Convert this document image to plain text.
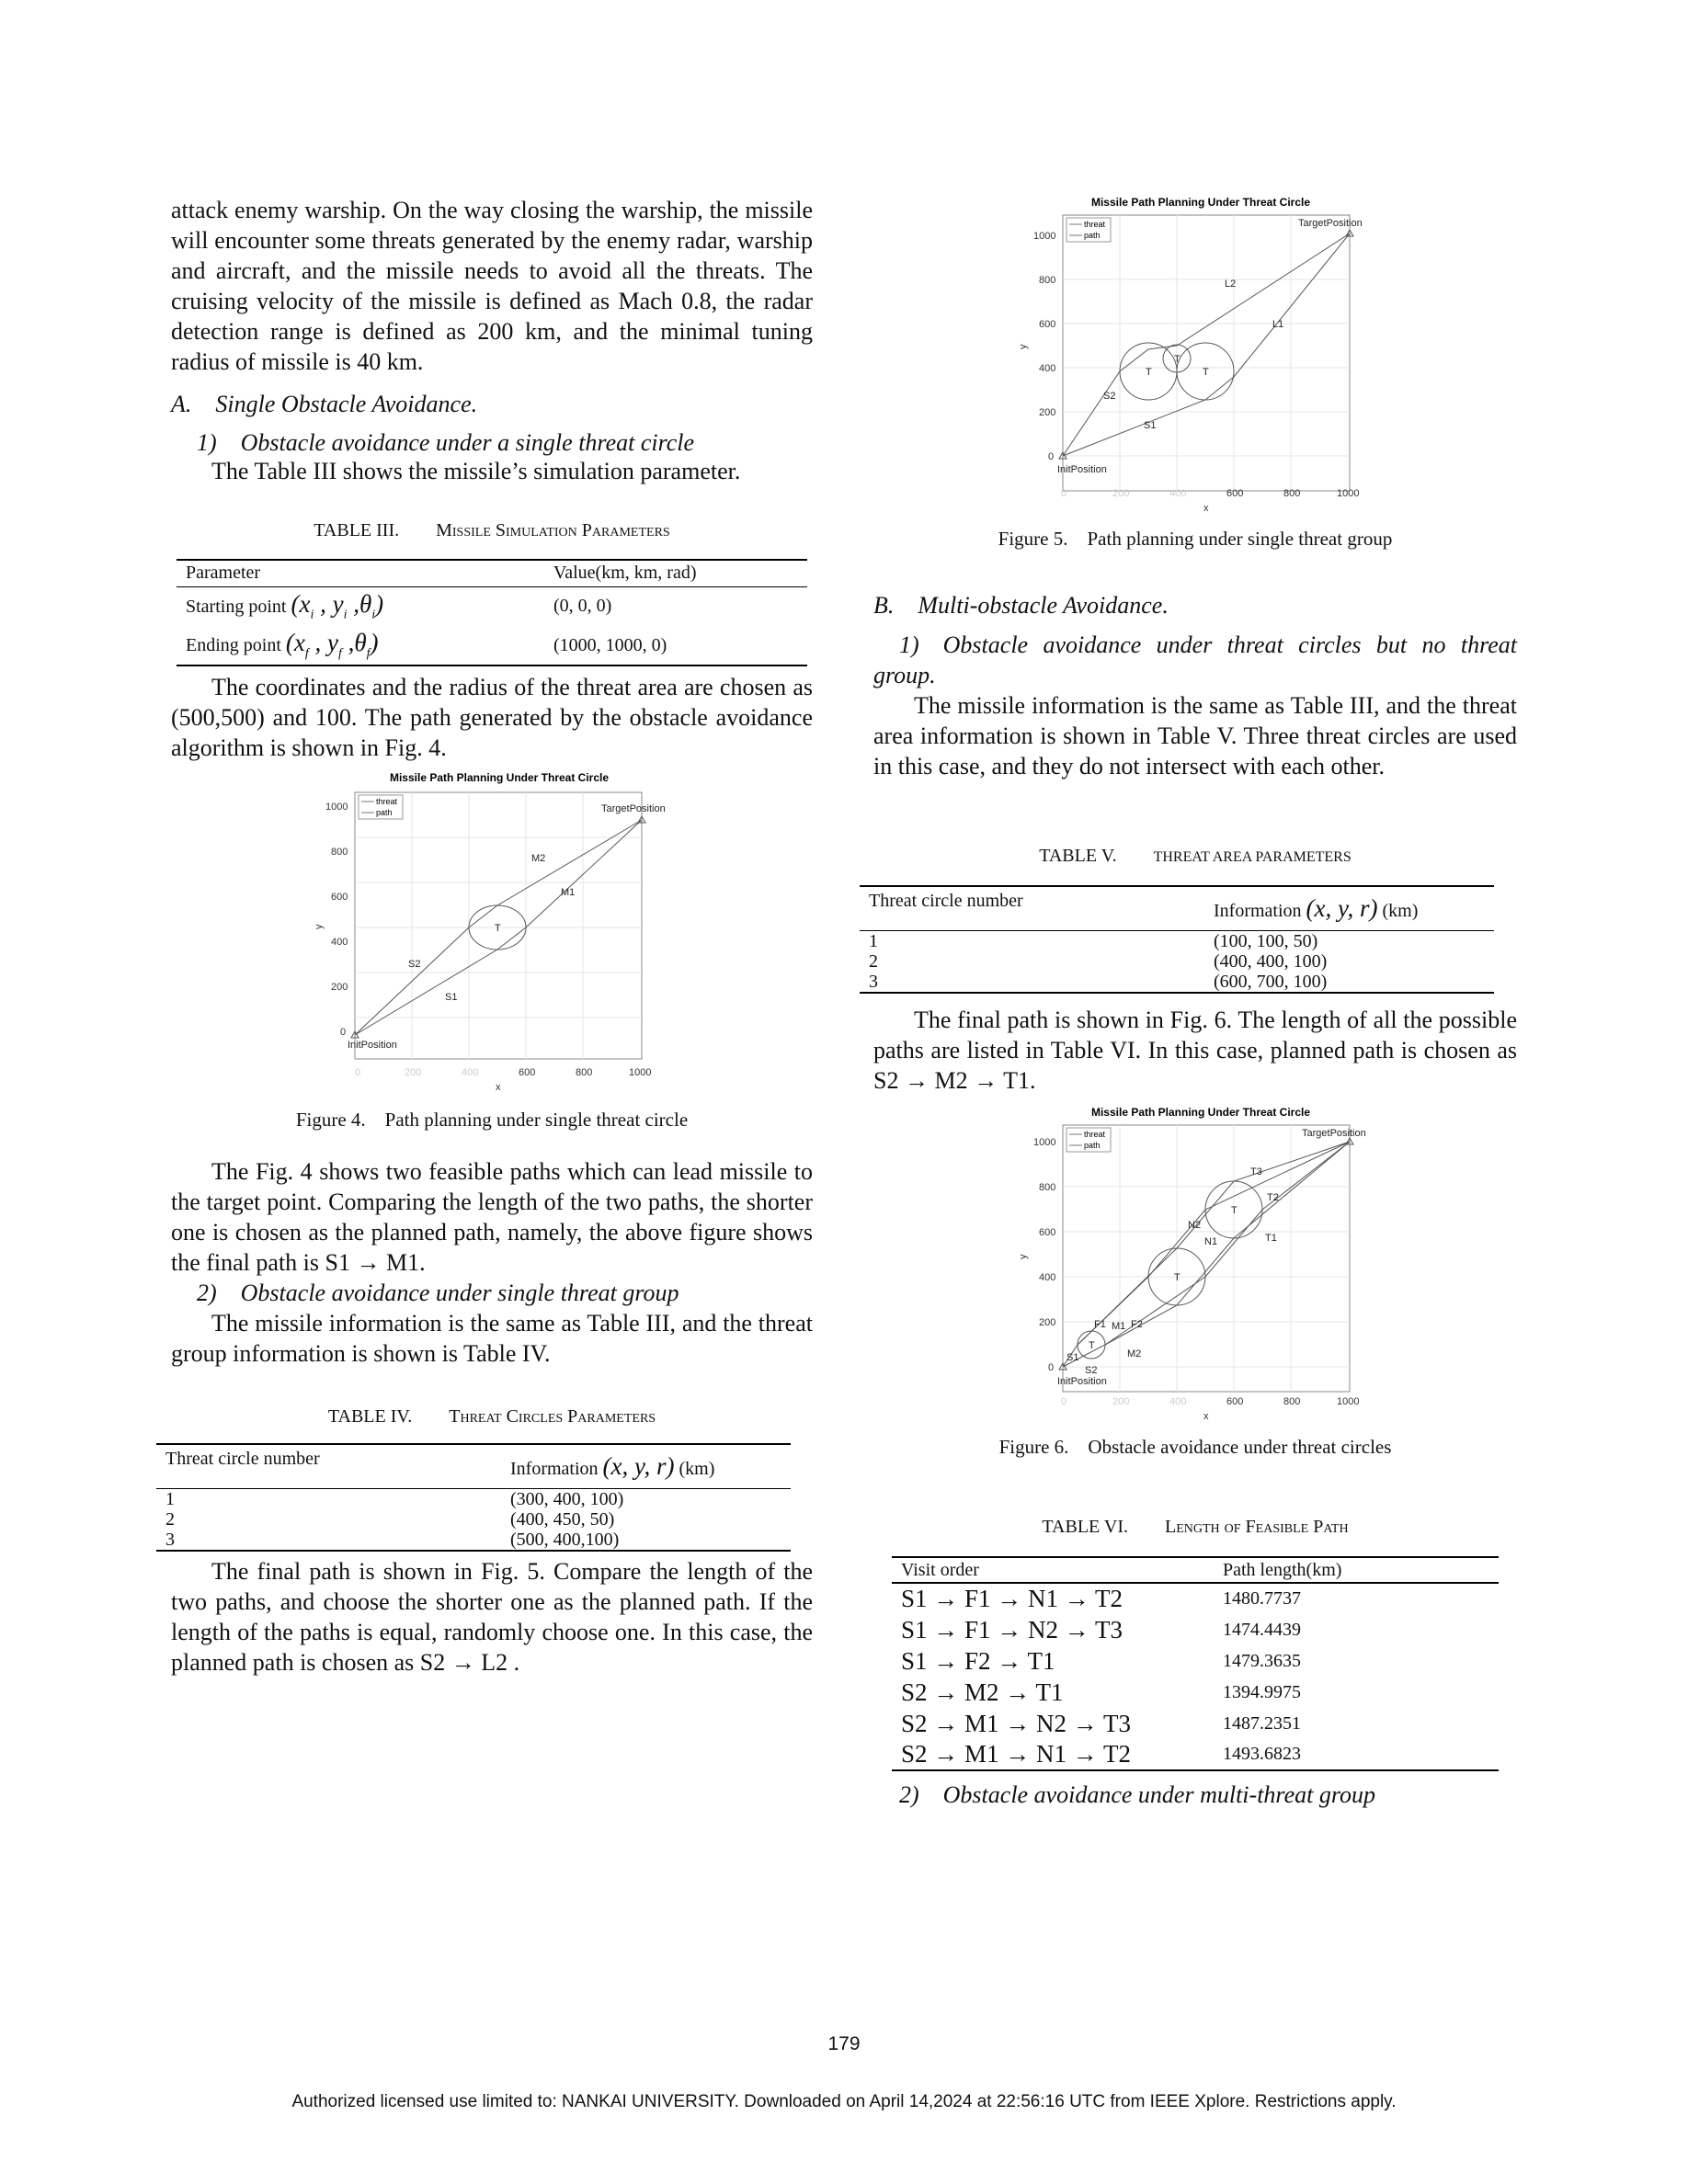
attack enemy warship. On the way closing the warship, the missile will encounter some threats generated by the enemy radar, warship and aircraft, and the missile needs to avoid all the threats. The cruising velocity of the missile is defined as Mach 0.8, the radar detection range is defined as 200 km, and the minimal tuning radius of missile is 40 km.

A. Single Obstacle Avoidance.

1) Obstacle avoidance under a single threat circle

The Table III shows the missile’s simulation parameter.

TABLE III.   Missile Simulation Parameters
Parameter	Value(km, km, rad)
Starting point ($x_i$ , $y_i$ $,\theta_i$)	(0, 0, 0)
Ending point ($x_f$ , $y_f$ $,\theta_f$)	(1000, 1000, 0)

The coordinates and the radius of the threat area are chosen as (500,500) and 100. The path generated by the obstacle avoidance algorithm is shown in Fig. 4.

Missile Path Planning Under Threat Circle
1000
800
600
400
200
0
0	200	400	600	800	1000
x
y
threat
path
T
M2
M1
S2
S1
InitPosition
TargetPosition
Figure 4. Path planning under single threat circle

The Fig. 4 shows two feasible paths which can lead missile to the target point. Comparing the length of the two paths, the shorter one is chosen as the planned path, namely, the above figure shows the final path is S1 → M1.

2) Obstacle avoidance under single threat group

The missile information is the same as Table III, and the threat group information is shown is Table IV.

TABLE IV.   Threat Circles Parameters
Threat circle number	Information (x, y, r) (km)
1	(300, 400, 100)
2	(400, 450, 50)
3	(500, 400,100)

The final path is shown in Fig. 5. Compare the length of the two paths, and choose the shorter one as the planned path. If the length of the paths is equal, randomly choose one. In this case, the planned path is chosen as S2 → L2 .

Missile Path Planning Under Threat Circle
1000
800
600
400
200
0
0	200	400	600	800	1000
x
y
threat
path
T
T
T
L2
L1
S2
S1
InitPosition
TargetPosition
Figure 5. Path planning under single threat group

B. Multi-obstacle Avoidance.

1) Obstacle avoidance under threat circles but no threat group.

The missile information is the same as Table III, and the threat area information is shown in Table V. Three threat circles are used in this case, and they do not intersect with each other.

TABLE V.  	THREAT AREA PARAMETERS
Threat circle number	Information (x, y, r) (km)
1	(100, 100, 50)
2	(400, 400, 100)
3	(600, 700, 100)

The final path is shown in Fig. 6. The length of all the possible paths are listed in Table VI. In this case, planned path is chosen as S2 → M2 → T1.

Missile Path Planning Under Threat Circle
1000
800
600
400
200
0
0	200	400	600	800	1000
x
y
threat
path
T
T
T
T3
T2
T1
N2
N1
F1 M1 F2
M2
S1
S2
InitPosition
TargetPosition
Figure 6. Obstacle avoidance under threat circles
TABLE VI.   Length of Feasible Path
Visit order	Path length(km)
S1 → F1 → N1 → T2	1480.7737
S1 → F1 → N2 → T3	1474.4439
S1 → F2 → T1	1479.3635
S2 → M2 → T1	1394.9975
S2 → M1 → N2 → T3	1487.2351
S2 → M1 → N1 → T2	1493.6823

2) Obstacle avoidance under multi-threat group

179
Authorized licensed use limited to: NANKAI UNIVERSITY. Downloaded on April 14,2024 at 22:56:16 UTC from IEEE Xplore. Restrictions apply.
